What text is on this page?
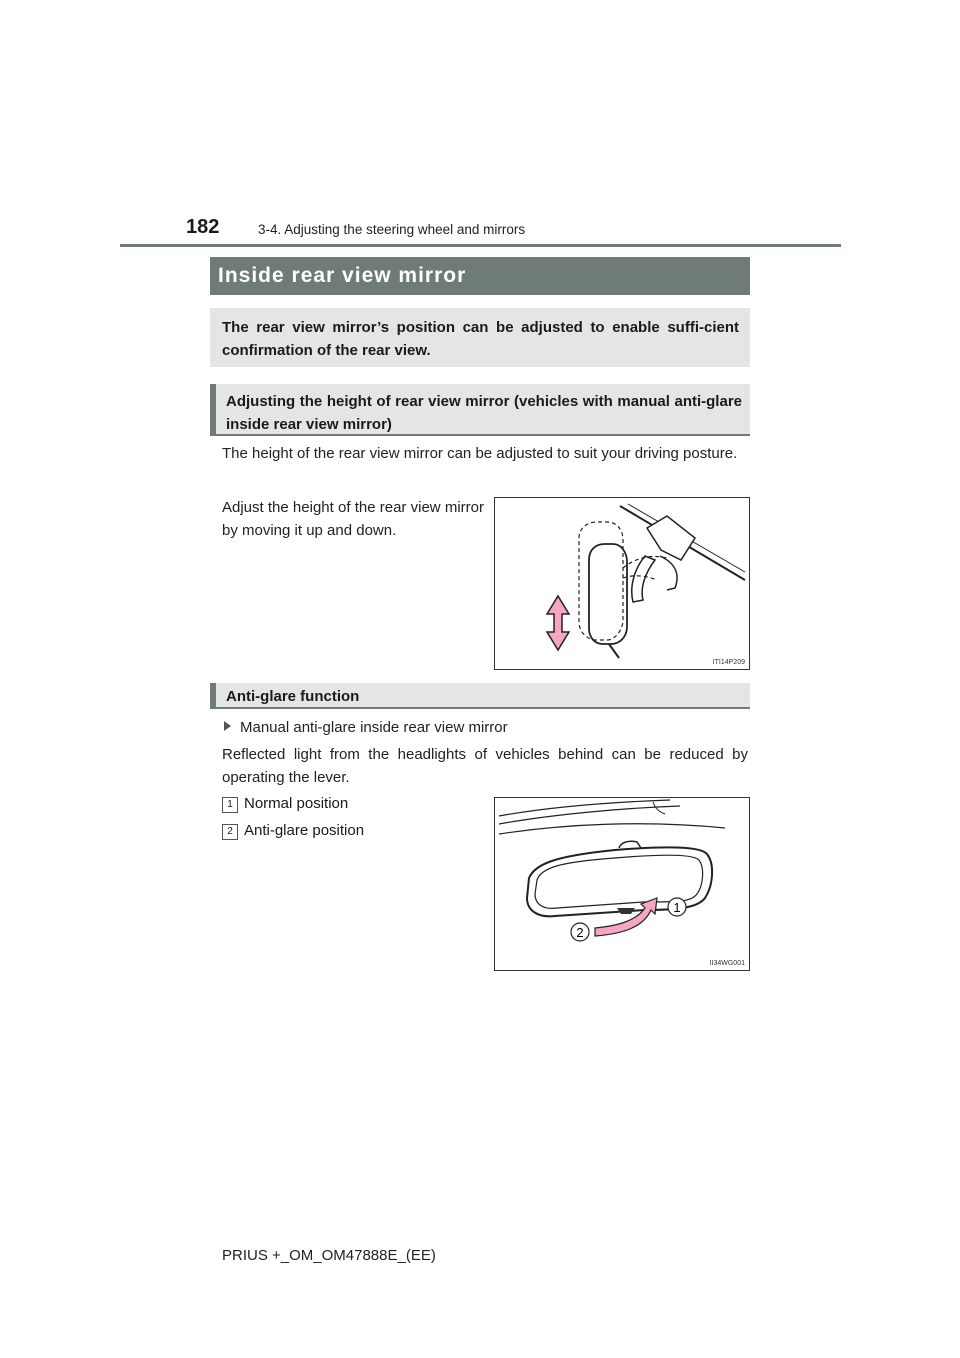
182	3-4. Adjusting the steering wheel and mirrors
Inside rear view mirror
The rear view mirror’s position can be adjusted to enable suffi-cient confirmation of the rear view.
Adjusting the height of rear view mirror (vehicles with manual anti-glare inside rear view mirror)
The height of the rear view mirror can be adjusted to suit your driving posture.
Adjust the height of the rear view mirror by moving it up and down.
ITI14P209
Anti-glare function
Manual anti-glare inside rear view mirror
Reflected light from the headlights of vehicles behind can be reduced by operating the lever.
1 Normal position
2 Anti-glare position
1
2
II34WG001
PRIUS +_OM_OM47888E_(EE)
